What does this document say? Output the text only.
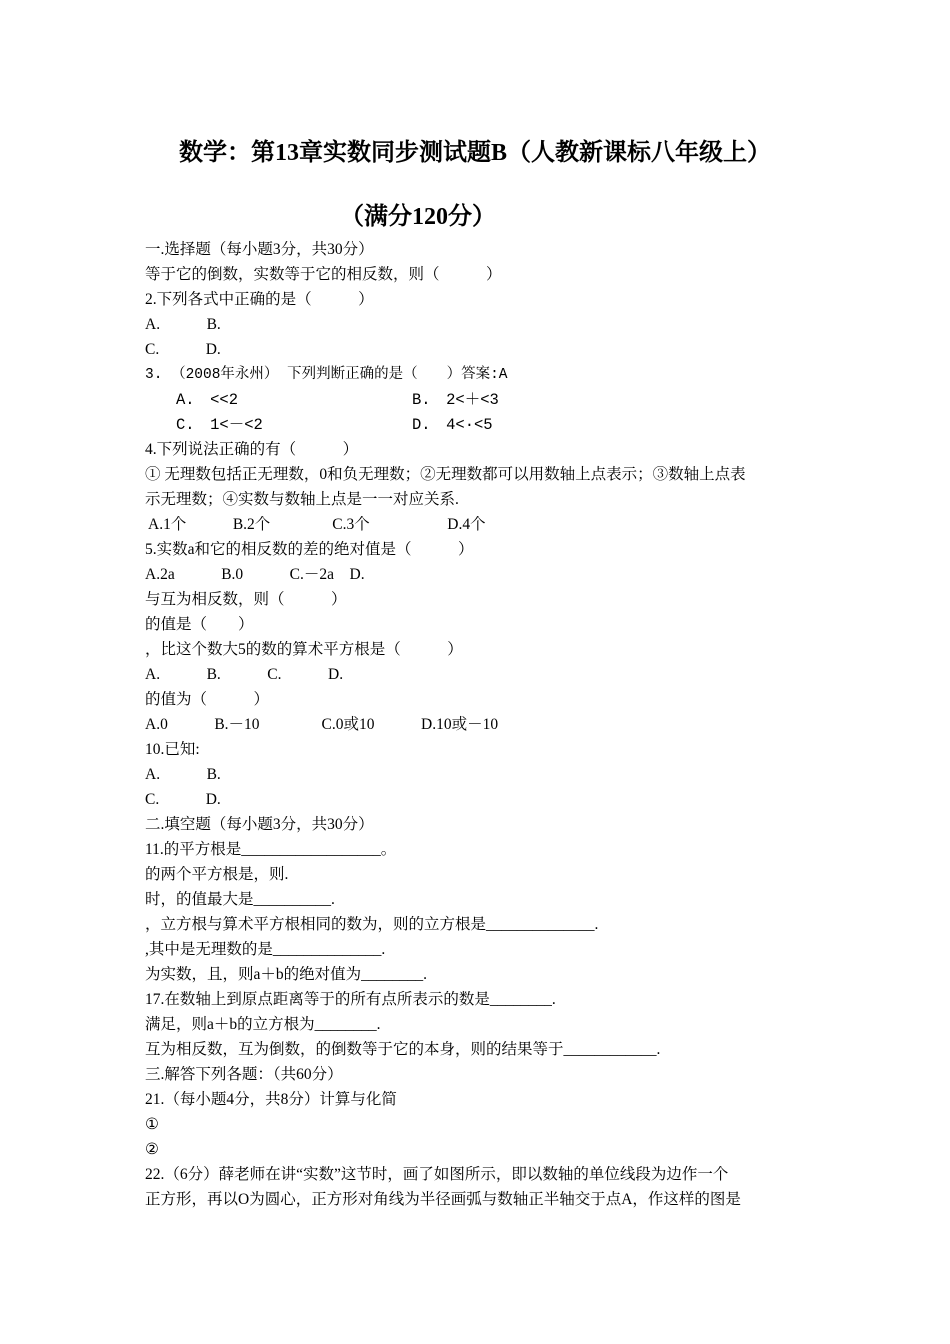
数学：第13章实数同步测试题B（人教新课标八年级上）
（满分120分）
一.选择题（每小题3分，共30分）
等于它的倒数，实数等于它的相反数，则（　　　）
2.下列各式中正确的是（　　　）
A.　　　B.
C.　　　D.
3. （2008年永州） 下列判断正确的是（　　）答案:A
A.　<<2	B.　2<＋<3
C.　1<－<2	D.　4<·<5
4.下列说法正确的有（　　　）
① 无理数包括正无理数，0和负无理数；②无理数都可以用数轴上点表示；③数轴上点表
示无理数；④实数与数轴上点是一一对应关系.
A.1个　　　B.2个　　　　C.3个　　　　　D.4个
5.实数a和它的相反数的差的绝对值是（　　　）
A.2a　　　B.0　　　C.－2a　D.
与互为相反数，则（　　　）
的值是（　　）
，比这个数大5的数的算术平方根是（　　　）
A.　　　B.　　　C.　　　D.
的值为（　　　）
A.0　　　B.－10　　　　C.0或10　　　D.10或－10
10.已知:
A.　　　B.
C.　　　D.
二.填空题（每小题3分，共30分）
11.的平方根是__________________。
的两个平方根是，则.
时，的值最大是__________.
，立方根与算术平方根相同的数为，则的立方根是______________.
,其中是无理数的是______________.
为实数，且，则a＋b的绝对值为________.
17.在数轴上到原点距离等于的所有点所表示的数是________.
满足，则a＋b的立方根为________.
互为相反数，互为倒数，的倒数等于它的本身，则的结果等于____________.
三.解答下列各题：（共60分）
21.（每小题4分，共8分）计算与化简
①
②
22.（6分）薛老师在讲“实数”这节时，画了如图所示，即以数轴的单位线段为边作一个
正方形，再以O为圆心，正方形对角线为半径画弧与数轴正半轴交于点A，作这样的图是
